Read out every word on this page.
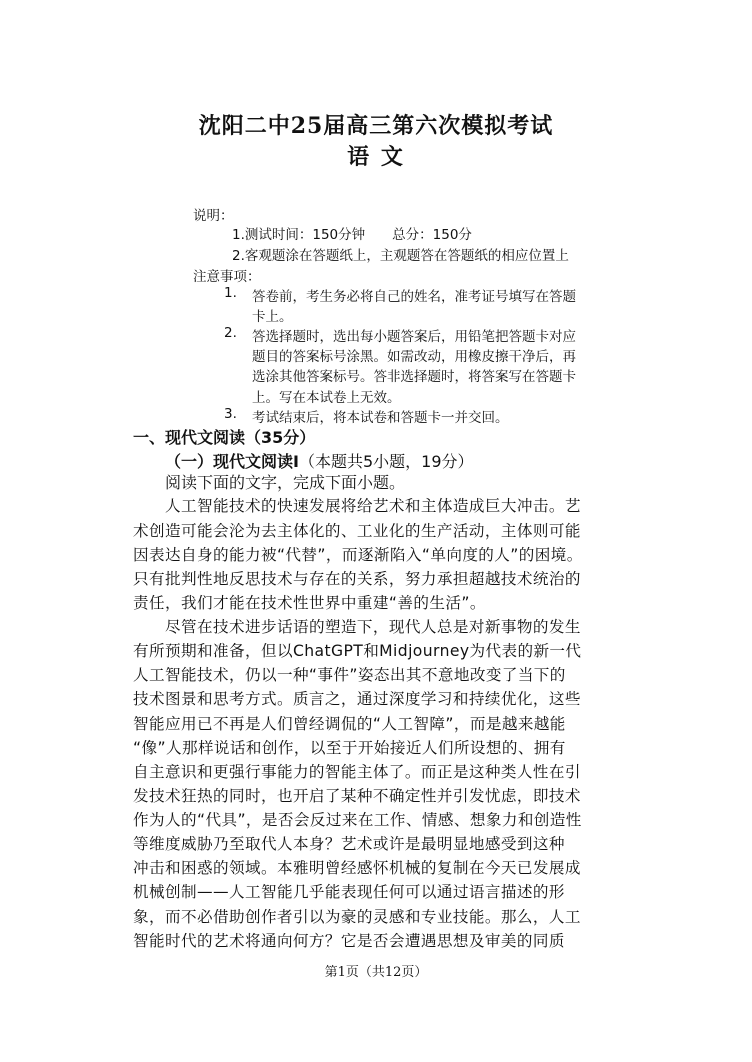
沈阳二中25届高三第六次模拟考试
语 文
说明：
1.测试时间：150分钟　　总分：150分
2.客观题涂在答题纸上，主观题答在答题纸的相应位置上
注意事项：
1. 答卷前，考生务必将自己的姓名，准考证号填写在答题
卡上。
2. 答选择题时，选出每小题答案后，用铅笔把答题卡对应
题目的答案标号涂黑。如需改动，用橡皮擦干净后，再
选涂其他答案标号。答非选择题时，将答案写在答题卡
上。写在本试卷上无效。
3. 考试结束后，将本试卷和答题卡一并交回。
一、现代文阅读（35分）
（一）现代文阅读Ⅰ（本题共5小题，19分）
阅读下面的文字，完成下面小题。
人工智能技术的快速发展将给艺术和主体造成巨大冲击。艺
术创造可能会沦为去主体化的、工业化的生产活动，主体则可能
因表达自身的能力被“代替”，而逐渐陷入“单向度的人”的困境。
只有批判性地反思技术与存在的关系，努力承担超越技术统治的
责任，我们才能在技术性世界中重建“善的生活”。
尽管在技术进步话语的塑造下，现代人总是对新事物的发生
有所预期和准备，但以ChatGPT和Midjourney为代表的新一代
人工智能技术，仍以一种“事件”姿态出其不意地改变了当下的
技术图景和思考方式。质言之，通过深度学习和持续优化，这些
智能应用已不再是人们曾经调侃的“人工智障”，而是越来越能
“像”人那样说话和创作，以至于开始接近人们所设想的、拥有
自主意识和更强行事能力的智能主体了。而正是这种类人性在引
发技术狂热的同时，也开启了某种不确定性并引发忧虑，即技术
作为人的“代具”，是否会反过来在工作、情感、想象力和创造性
等维度威胁乃至取代人本身？艺术或许是最明显地感受到这种
冲击和困惑的领域。本雅明曾经感怀机械的复制在今天已发展成
机械创制——人工智能几乎能表现任何可以通过语言描述的形
象，而不必借助创作者引以为豪的灵感和专业技能。那么，人工
智能时代的艺术将通向何方？它是否会遭遇思想及审美的同质
第1页（共12页）
